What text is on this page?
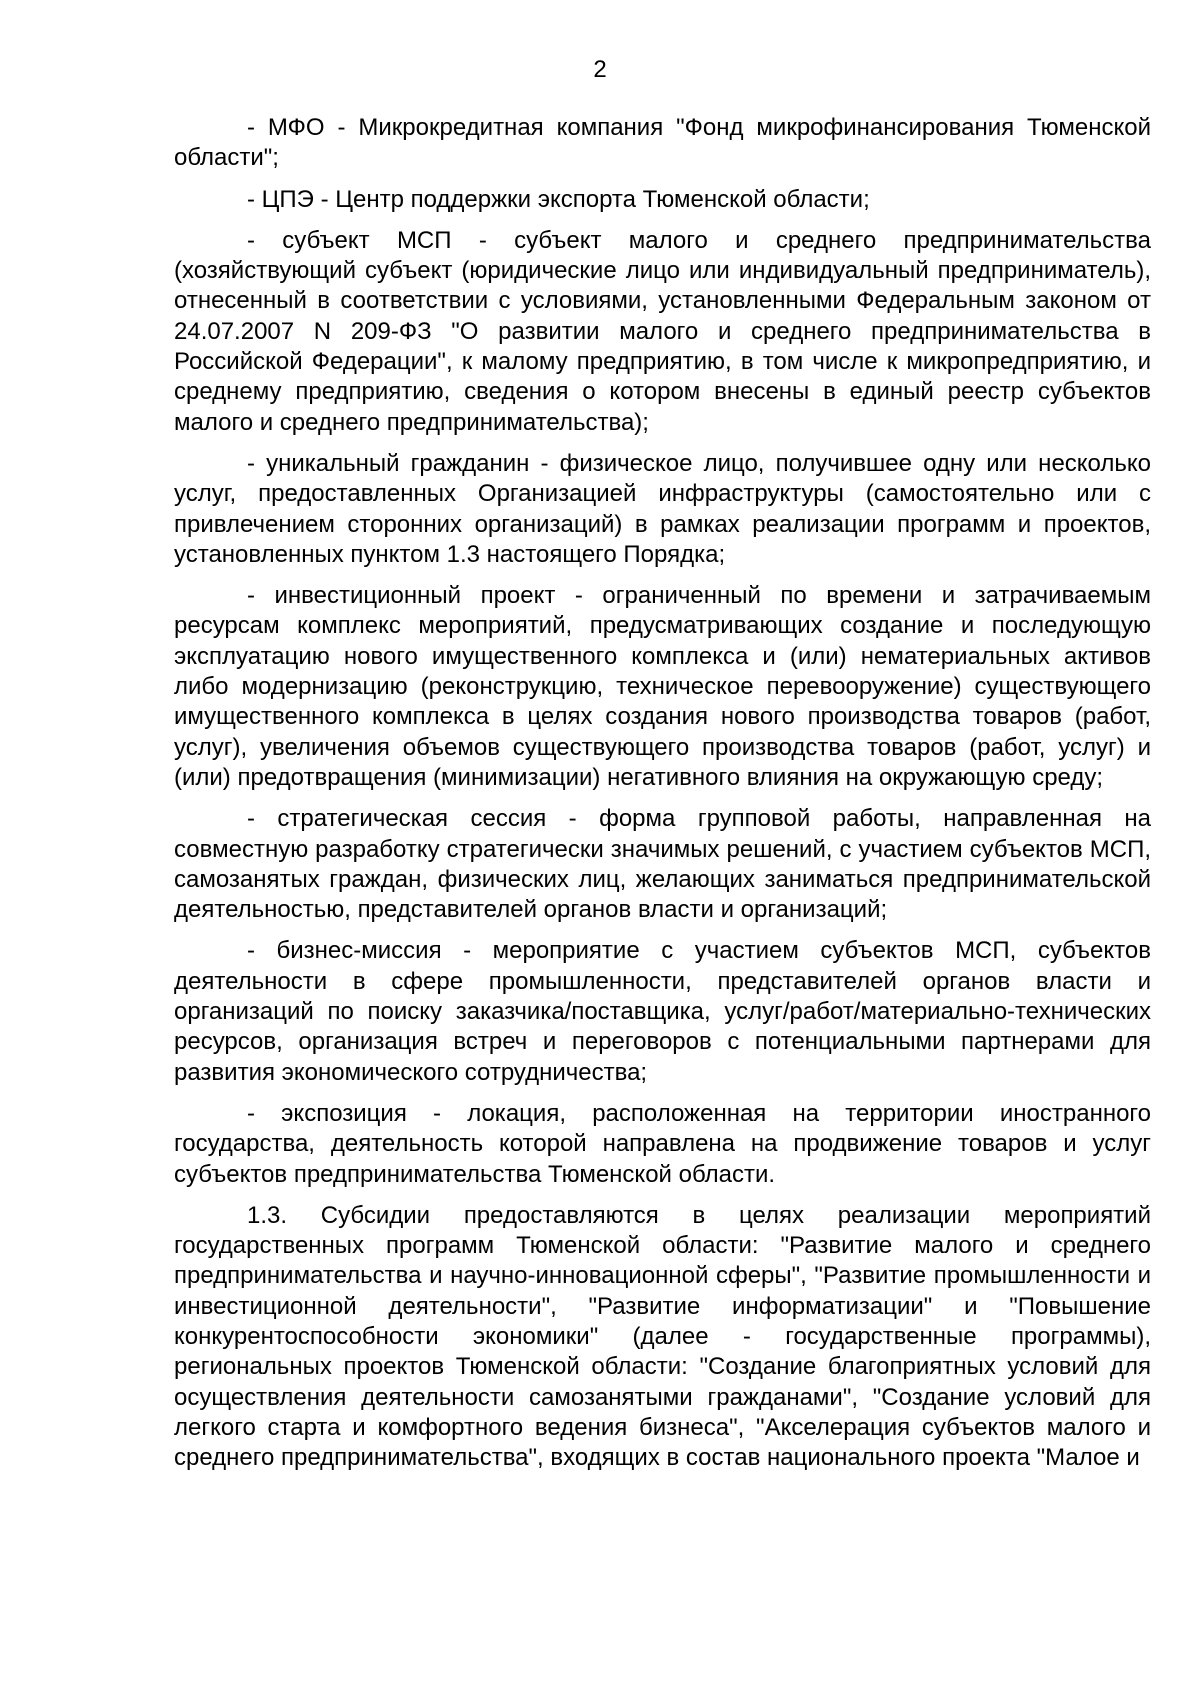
2

- МФО - Микрокредитная компания "Фонд микрофинансирования Тюменской области";

- ЦПЭ - Центр поддержки экспорта Тюменской области;

- субъект МСП - субъект малого и среднего предпринимательства (хозяйствующий субъект (юридические лицо или индивидуальный предприниматель), отнесенный в соответствии с условиями, установленными Федеральным законом от 24.07.2007 N 209-ФЗ "О развитии малого и среднего предпринимательства в Российской Федерации", к малому предприятию, в том числе к микропредприятию, и среднему предприятию, сведения о котором внесены в единый реестр субъектов малого и среднего предпринимательства);

- уникальный гражданин - физическое лицо, получившее одну или несколько услуг, предоставленных Организацией инфраструктуры (самостоятельно или с привлечением сторонних организаций) в рамках реализации программ и проектов, установленных пунктом 1.3 настоящего Порядка;

- инвестиционный проект - ограниченный по времени и затрачиваемым ресурсам комплекс мероприятий, предусматривающих создание и последующую эксплуатацию нового имущественного комплекса и (или) нематериальных активов либо модернизацию (реконструкцию, техническое перевооружение) существующего имущественного комплекса в целях создания нового производства товаров (работ, услуг), увеличения объемов существующего производства товаров (работ, услуг) и (или) предотвращения (минимизации) негативного влияния на окружающую среду;

- стратегическая сессия - форма групповой работы, направленная на совместную разработку стратегически значимых решений, с участием субъектов МСП, самозанятых граждан, физических лиц, желающих заниматься предпринимательской деятельностью, представителей органов власти и организаций;

- бизнес-миссия - мероприятие с участием субъектов МСП, субъектов деятельности в сфере промышленности, представителей органов власти и организаций по поиску заказчика/поставщика, услуг/работ/материально-технических ресурсов, организация встреч и переговоров с потенциальными партнерами для развития экономического сотрудничества;

- экспозиция - локация, расположенная на территории иностранного государства, деятельность которой направлена на продвижение товаров и услуг субъектов предпринимательства Тюменской области.

1.3. Субсидии предоставляются в целях реализации мероприятий государственных программ Тюменской области: "Развитие малого и среднего предпринимательства и научно-инновационной сферы", "Развитие промышленности и инвестиционной деятельности", "Развитие информатизации" и "Повышение конкурентоспособности экономики" (далее - государственные программы), региональных проектов Тюменской области: "Создание благоприятных условий для осуществления деятельности самозанятыми гражданами", "Создание условий для легкого старта и комфортного ведения бизнеса", "Акселерация субъектов малого и среднего предпринимательства", входящих в состав национального проекта "Малое и
